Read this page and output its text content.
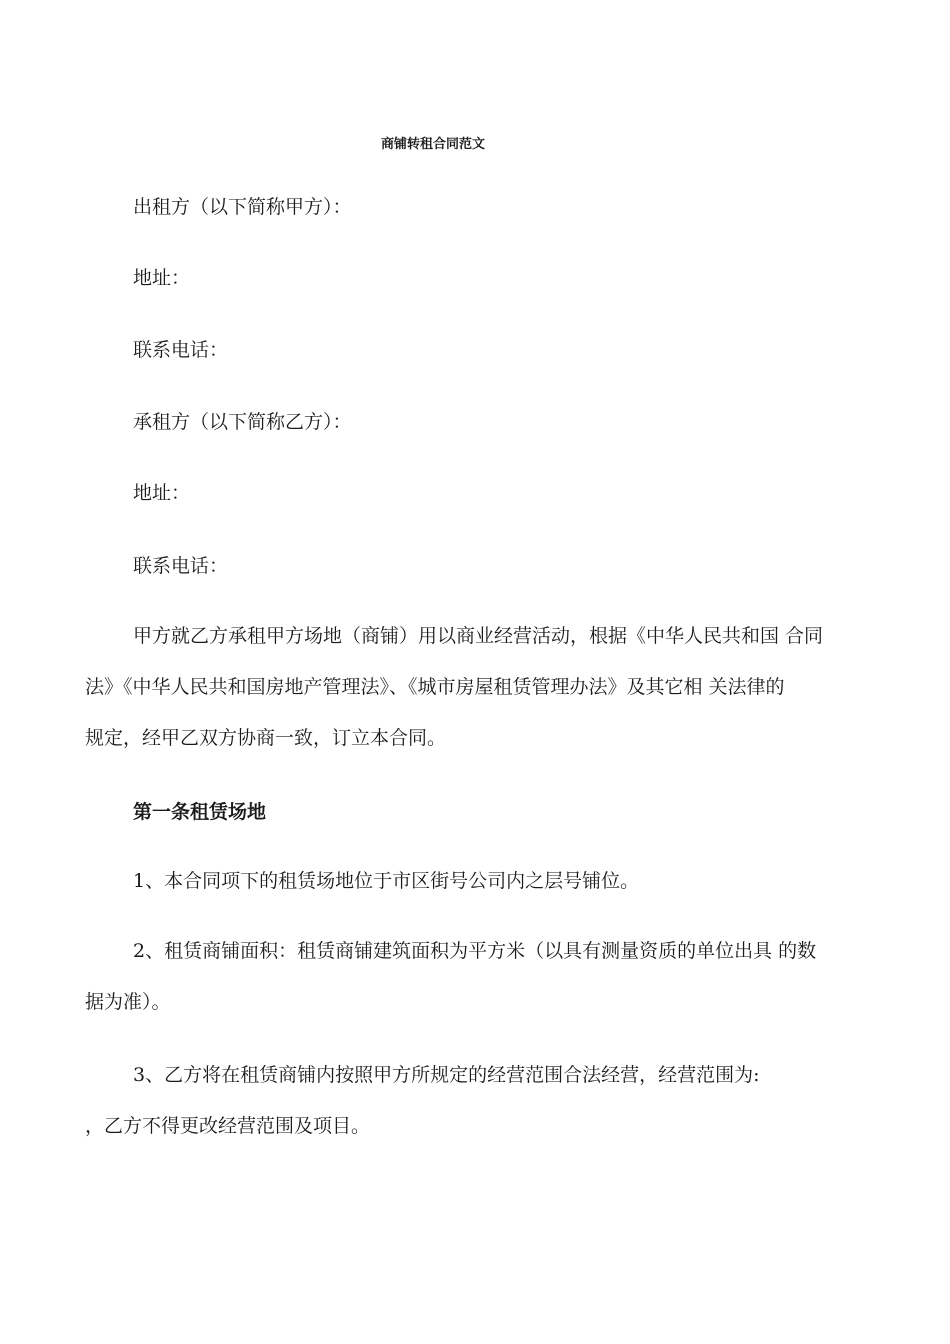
商铺转租合同范文
出租方（以下简称甲方）：
地址：
联系电话：
承租方（以下简称乙方）：
地址：
联系电话：
甲方就乙方承租甲方场地（商铺）用以商业经营活动，根据《中华人民共和国 合同
法》《中华人民共和国房地产管理法》、《城市房屋租赁管理办法》及其它相 关法律的
规定，经甲乙双方协商一致，订立本合同。
第一条租赁场地
1、本合同项下的租赁场地位于市区街号公司内之层号铺位。
2、租赁商铺面积：租赁商铺建筑面积为平方米（以具有测量资质的单位出具 的数
据为准）。
3、乙方将在租赁商铺内按照甲方所规定的经营范围合法经营，经营范围为:
，乙方不得更改经营范围及项目。
